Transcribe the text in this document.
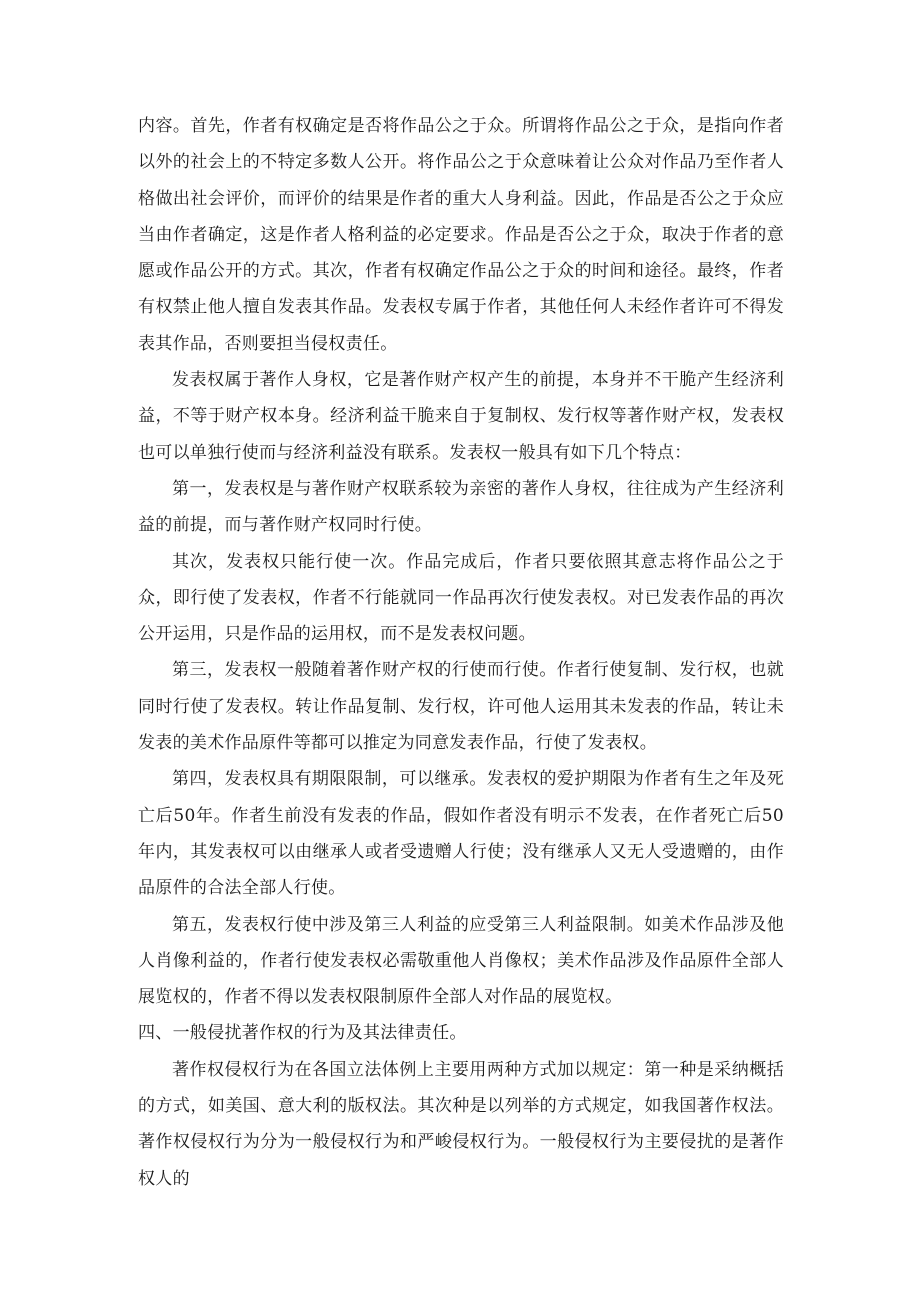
内容。首先，作者有权确定是否将作品公之于众。所谓将作品公之于众，是指向作者以外的社会上的不特定多数人公开。将作品公之于众意味着让公众对作品乃至作者人格做出社会评价，而评价的结果是作者的重大人身利益。因此，作品是否公之于众应当由作者确定，这是作者人格利益的必定要求。作品是否公之于众，取决于作者的意愿或作品公开的方式。其次，作者有权确定作品公之于众的时间和途径。最终，作者有权禁止他人擅自发表其作品。发表权专属于作者，其他任何人未经作者许可不得发表其作品，否则要担当侵权责任。

发表权属于著作人身权，它是著作财产权产生的前提，本身并不干脆产生经济利益，不等于财产权本身。经济利益干脆来自于复制权、发行权等著作财产权，发表权也可以单独行使而与经济利益没有联系。发表权一般具有如下几个特点：

第一，发表权是与著作财产权联系较为亲密的著作人身权，往往成为产生经济利益的前提，而与著作财产权同时行使。

其次，发表权只能行使一次。作品完成后，作者只要依照其意志将作品公之于众，即行使了发表权，作者不行能就同一作品再次行使发表权。对已发表作品的再次公开运用，只是作品的运用权，而不是发表权问题。

第三，发表权一般随着著作财产权的行使而行使。作者行使复制、发行权，也就同时行使了发表权。转让作品复制、发行权，许可他人运用其未发表的作品，转让未发表的美术作品原件等都可以推定为同意发表作品，行使了发表权。

第四，发表权具有期限限制，可以继承。发表权的爱护期限为作者有生之年及死亡后50年。作者生前没有发表的作品，假如作者没有明示不发表，在作者死亡后50年内，其发表权可以由继承人或者受遗赠人行使；没有继承人又无人受遗赠的，由作品原件的合法全部人行使。

第五，发表权行使中涉及第三人利益的应受第三人利益限制。如美术作品涉及他人肖像利益的，作者行使发表权必需敬重他人肖像权；美术作品涉及作品原件全部人展览权的，作者不得以发表权限制原件全部人对作品的展览权。

四、一般侵扰著作权的行为及其法律责任。

著作权侵权行为在各国立法体例上主要用两种方式加以规定：第一种是采纳概括的方式，如美国、意大利的版权法。其次种是以列举的方式规定，如我国著作权法。著作权侵权行为分为一般侵权行为和严峻侵权行为。一般侵权行为主要侵扰的是著作权人的
